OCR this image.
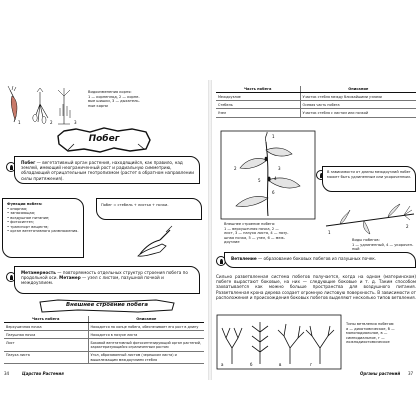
1	2	3
Видоизменения корня:
1 — корнеплод, 2 — корне-
вые шишки, 3 — дыхатель-
ные корни
Побег
Побег — вегетативный орган растения, находящийся, как правило, над землей, имеющий неограниченный рост и радиальную симметрию, обладающий отрицательным геотропизмом (растет в обратном направлении силы притяжения).
Функции побега:
• опорная;
• запасающая;
• воздушное питание;
• фотосинтез;
• транспорт веществ;
• орган вегетативного размножения.
Побег = стебель + листья + почки.
Метамерность — повторяемость отдельных структур строения побега по продольной оси. Метамер — узел с листом, пазушной почкой и междоузлием.
Внешнее строение побега
Часть побега	Описание
Верхушечная почка	Находится на конце побега, обеспечивает его рост в длину
Пазушная почка	Находится в пазухе листа
Лист	Боковой вегетативный фотосинтезирующий орган растений, характеризующийся ограниченным ростом
Пазуха листа	Угол, образованный листом (черешком листа) и вышележащим междоузлием стебля
34	Царство Растения
Часть побега	Описание
Междоузлие	Участок стебля между ближайшими узлами
Стебель	Осевая часть побега
Узел	Участок стебля с листом или почкой
1
2	3
4
5
6
Внешнее строение побега:
1 — верхушечная почка, 2 —
лист, 3 — пазуха листа, 4 — пазу-
шная почка, 5 — узел, 6 — меж-
доузлие
В зависимости от длины междоузлий побег может быть удлиненным или укороченным.
1
2
Виды побегов:
1 — удлиненный, 4 — укорочен-
ный
Ветвление — образование боковых побегов из пазушных почек.
Сильно разветвленная система побегов получается, когда на одном (материнском) побеге вырастают боковые, на них — следующие боковые и т. д. Таким способом захватывается как можно больше пространства для воздушного питания. Разветвленная крона дерева создает огромную листовую поверхность. В зависимости от расположения и происхождения боковых побегов выделяют несколько типов ветвления.
а	б	в	г
Типы ветвления побегов:
а — дихотомическое, б —
моноподиальное, в —
симподиальное, г —
ложнодихотомическое
Органы растений 37
